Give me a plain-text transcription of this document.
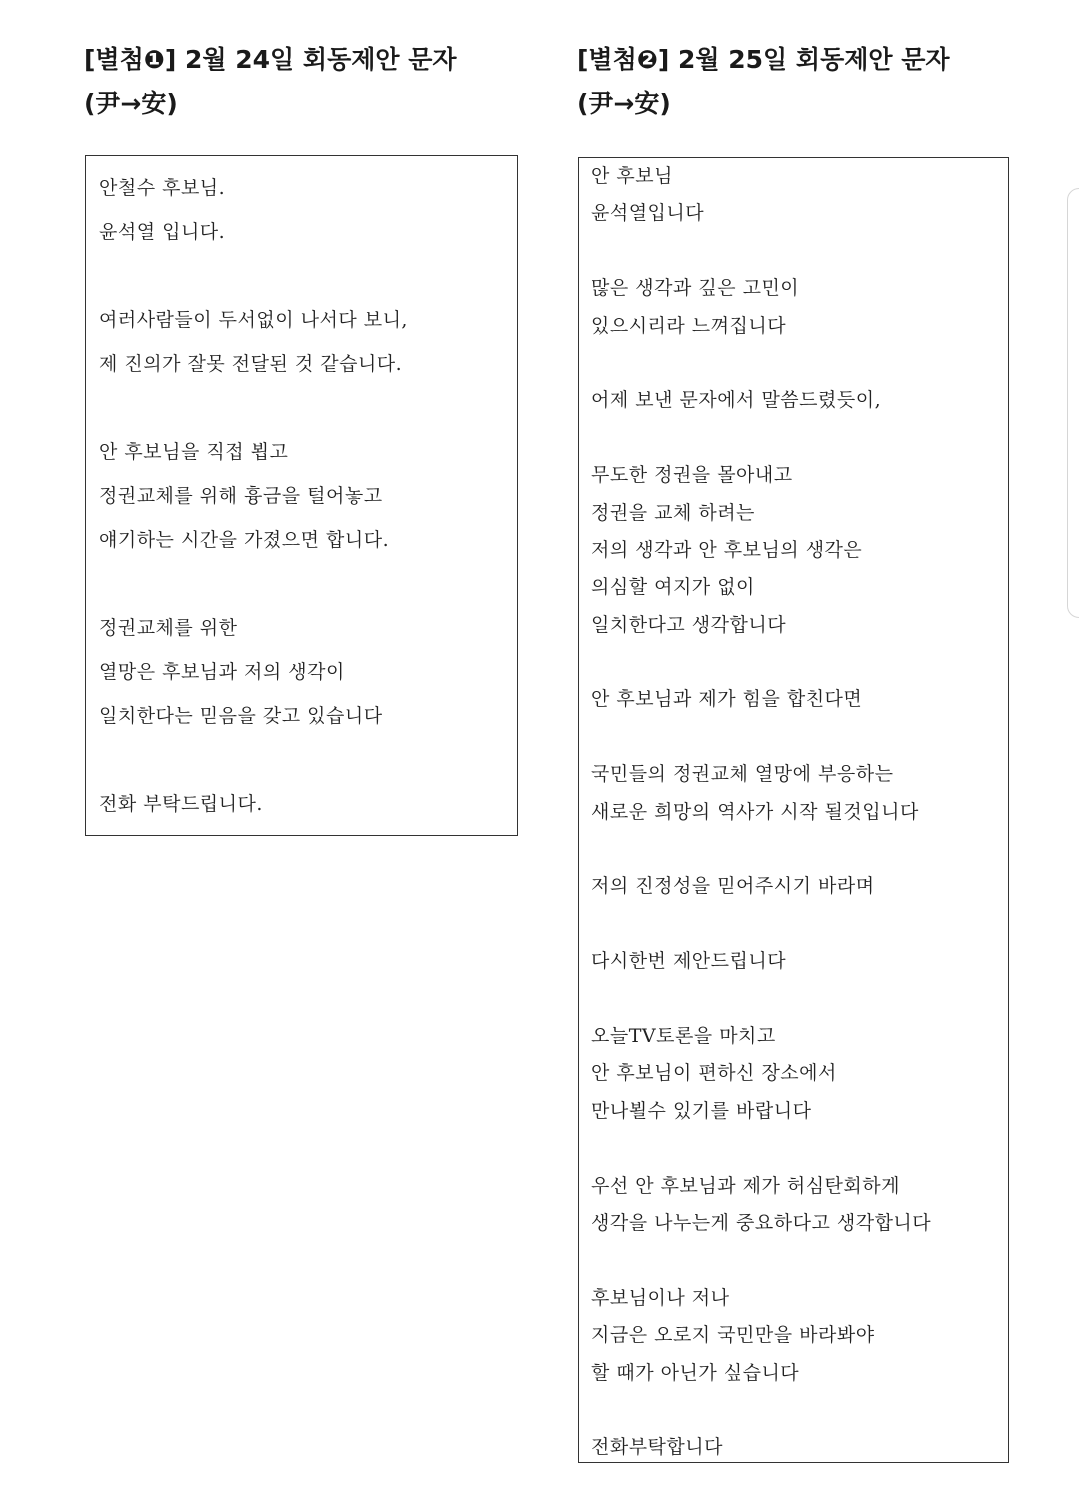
[별첨❶] 2월 24일 회동제안 문자
(尹→安)
[별첨❷] 2월 25일 회동제안 문자
(尹→安)
안철수 후보님.
윤석열 입니다.
여러사람들이 두서없이 나서다 보니,
제 진의가 잘못 전달된 것 같습니다.
안 후보님을 직접 뵙고
정권교체를 위해 흉금을 털어놓고
얘기하는 시간을 가졌으면 합니다.
정권교체를 위한
열망은 후보님과 저의 생각이
일치한다는 믿음을 갖고 있습니다
전화 부탁드립니다.
안 후보님
윤석열입니다
많은 생각과 깊은 고민이
있으시리라 느껴집니다
어제 보낸 문자에서 말씀드렸듯이,
무도한 정권을 몰아내고
정권을 교체 하려는
저의 생각과 안 후보님의 생각은
의심할 여지가 없이
일치한다고 생각합니다
안 후보님과 제가 힘을 합친다면
국민들의 정권교체 열망에 부응하는
새로운 희망의 역사가 시작 될것입니다
저의 진정성을 믿어주시기 바라며
다시한번 제안드립니다
오늘TV토론을 마치고
안 후보님이 편하신 장소에서
만나뵐수 있기를 바랍니다
우선 안 후보님과 제가 허심탄회하게
생각을 나누는게 중요하다고 생각합니다
후보님이나 저나
지금은 오로지 국민만을 바라봐야
할 때가 아닌가 싶습니다
전화부탁합니다
